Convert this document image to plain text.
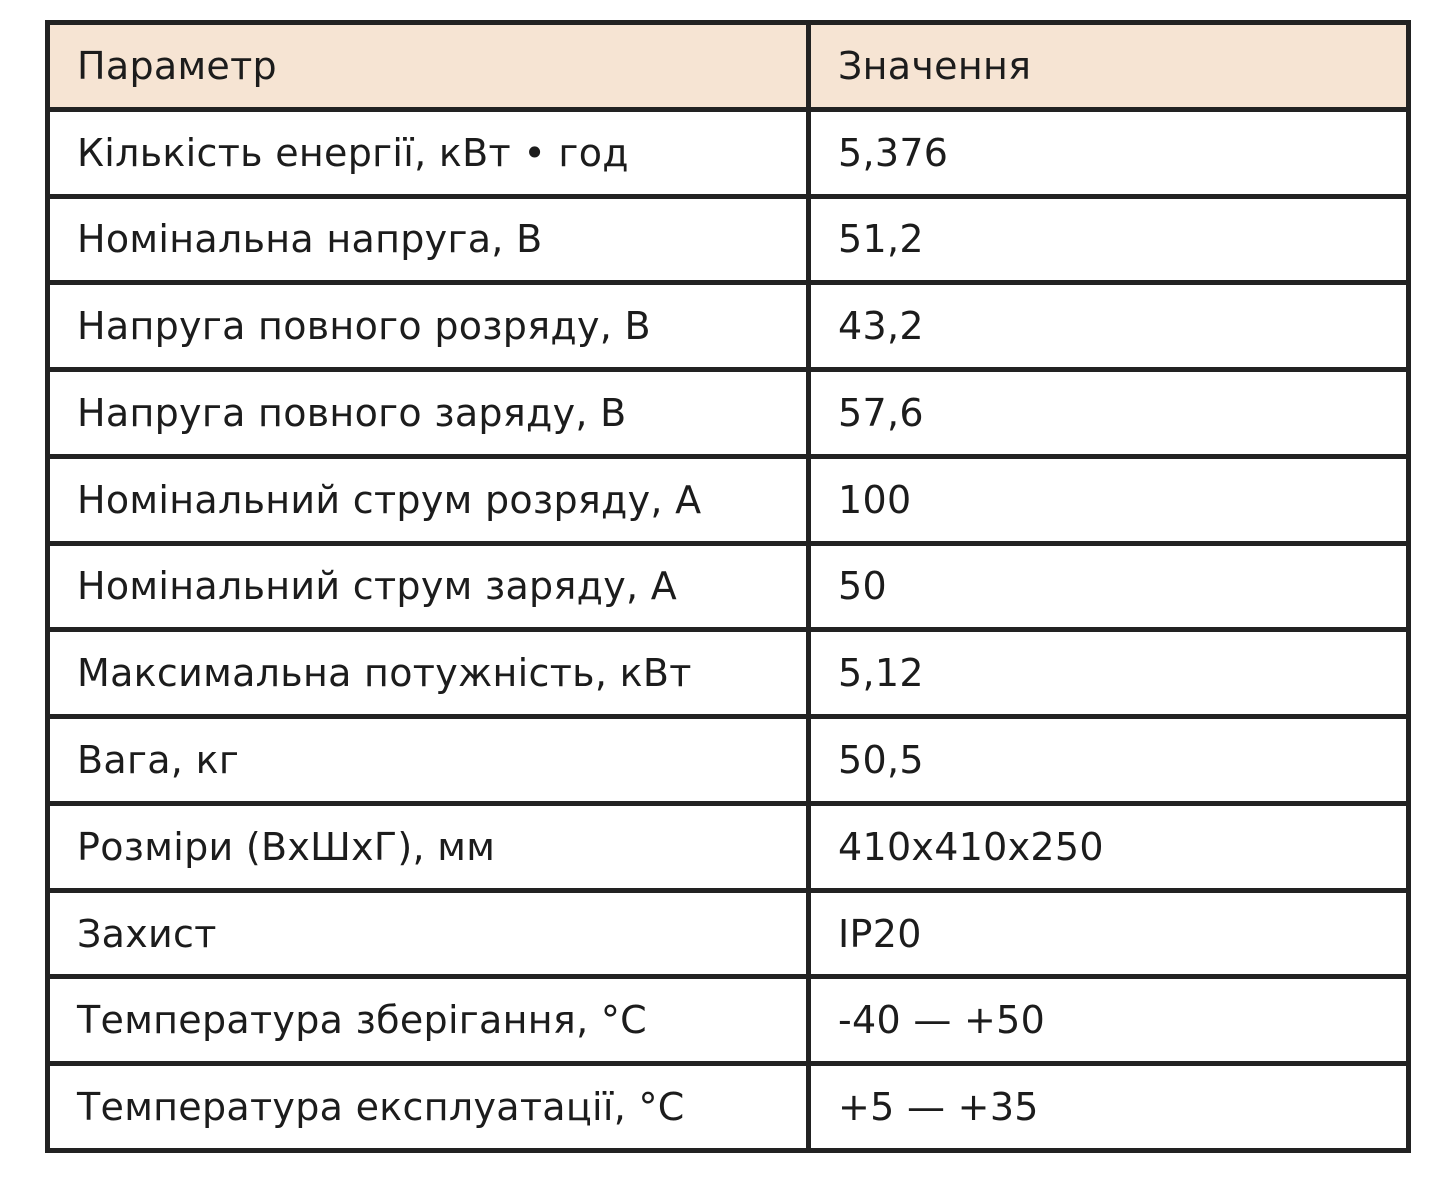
Параметр	Значення
Кількість енергії, кВт • год	5,376
Номінальна напруга, В	51,2
Напруга повного розряду, В	43,2
Напруга повного заряду, В	57,6
Номінальний струм розряду, А	100
Номінальний струм заряду, А	50
Максимальна потужність, кВт	5,12
Вага, кг	50,5
Розміри (ВхШхГ), мм	410x410x250
Захист	IP20
Температура зберігання, °С	-40 — +50
Температура експлуатації, °С	+5 — +35
